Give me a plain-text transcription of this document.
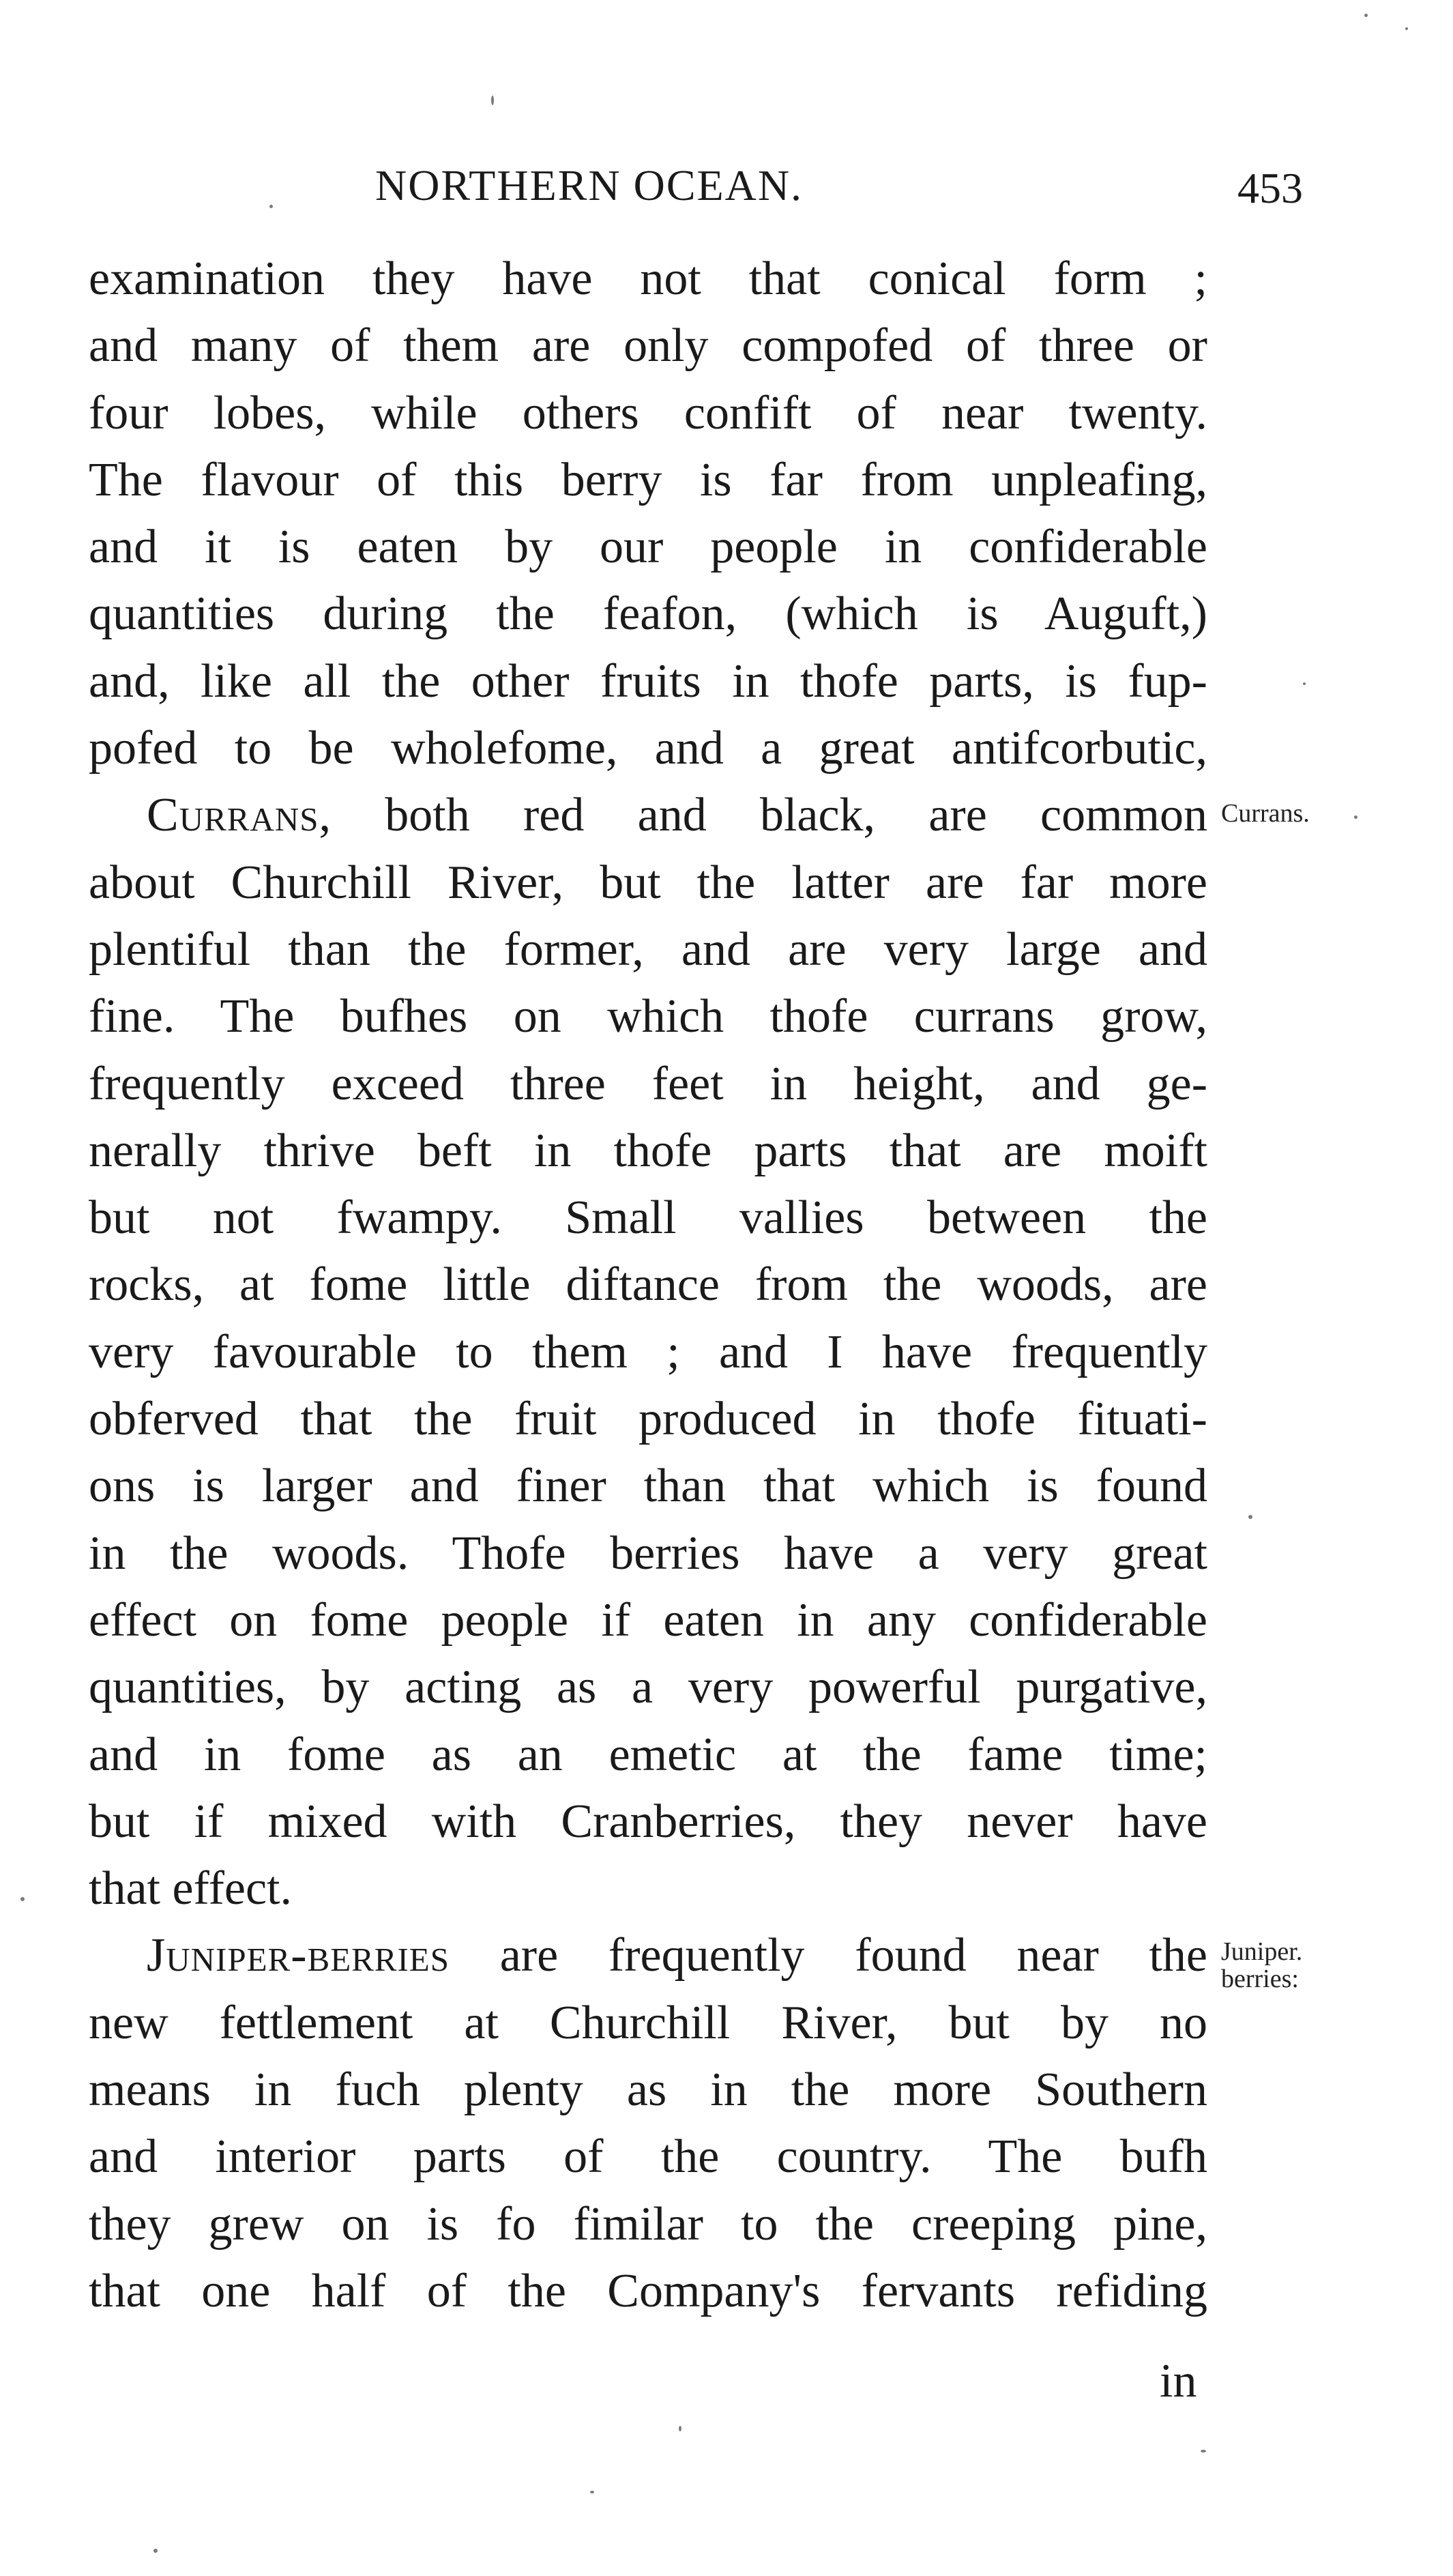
NORTHERN OCEAN.	453
examination they have not that conical form ;
and many of them are only compofed of three or
four lobes, while others confift of near twenty.
The flavour of this berry is far from unpleafing,
and it is eaten by our people in confiderable
quantities during the feafon, (which is Auguft,)
and, like all the other fruits in thofe parts, is fup-
pofed to be wholefome, and a great antifcorbutic,
Currans, both red and black, are common
about Churchill River, but the latter are far more
plentiful than the former, and are very large and
fine. The bufhes on which thofe currans grow,
frequently exceed three feet in height, and ge-
nerally thrive beft in thofe parts that are moift
but not fwampy. Small vallies between the
rocks, at fome little diftance from the woods, are
very favourable to them ; and I have frequently
obferved that the fruit produced in thofe fituati-
ons is larger and finer than that which is found
in the woods. Thofe berries have a very great
effect on fome people if eaten in any confiderable
quantities, by acting as a very powerful purgative,
and in fome as an emetic at the fame time;
but if mixed with Cranberries, they never have
that effect.
Juniper-berries are frequently found near the
new fettlement at Churchill River, but by no
means in fuch plenty as in the more Southern
and interior parts of the country. The bufh
they grew on is fo fimilar to the creeping pine,
that one half of the Company's fervants refiding
Currans.
Juniper.
berries:
in
